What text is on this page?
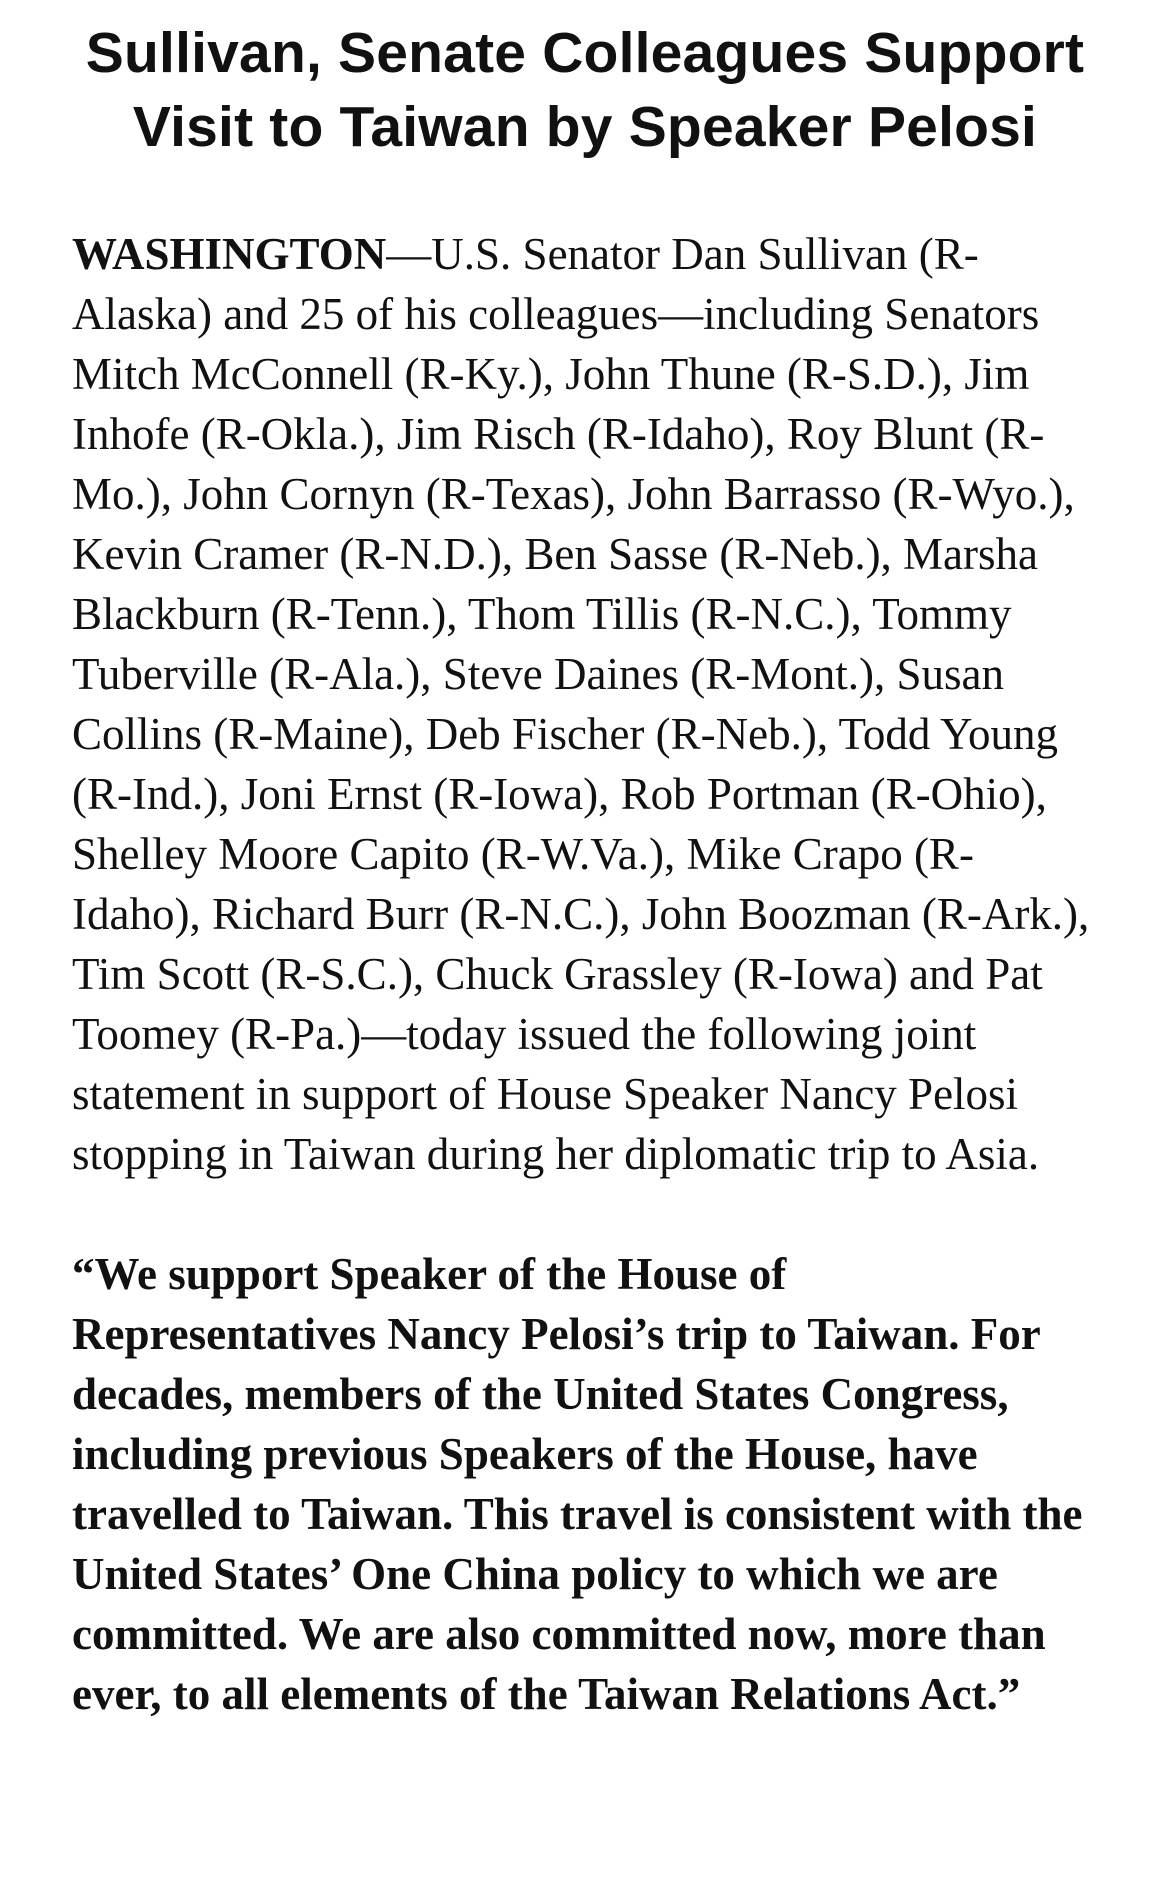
Sullivan, Senate Colleagues Support
Visit to Taiwan by Speaker Pelosi

WASHINGTON—U.S. Senator Dan Sullivan (R-Alaska) and 25 of his colleagues—including Senators Mitch McConnell (R-Ky.), John Thune (R-S.D.), Jim Inhofe (R-Okla.), Jim Risch (R-Idaho), Roy Blunt (R-Mo.), John Cornyn (R-Texas), John Barrasso (R-Wyo.), Kevin Cramer (R-N.D.), Ben Sasse (R-Neb.), Marsha Blackburn (R-Tenn.), Thom Tillis (R-N.C.), Tommy Tuberville (R-Ala.), Steve Daines (R-Mont.), Susan Collins (R-Maine), Deb Fischer (R-Neb.), Todd Young (R-Ind.), Joni Ernst (R-Iowa), Rob Portman (R-Ohio), Shelley Moore Capito (R-W.Va.), Mike Crapo (R-Idaho), Richard Burr (R-N.C.), John Boozman (R-Ark.), Tim Scott (R-S.C.), Chuck Grassley (R-Iowa) and Pat Toomey (R-Pa.)—today issued the following joint statement in support of House Speaker Nancy Pelosi stopping in Taiwan during her diplomatic trip to Asia.

“We support Speaker of the House of Representatives Nancy Pelosi’s trip to Taiwan. For decades, members of the United States Congress, including previous Speakers of the House, have travelled to Taiwan. This travel is consistent with the United States’ One China policy to which we are committed. We are also committed now, more than ever, to all elements of the Taiwan Relations Act.”
